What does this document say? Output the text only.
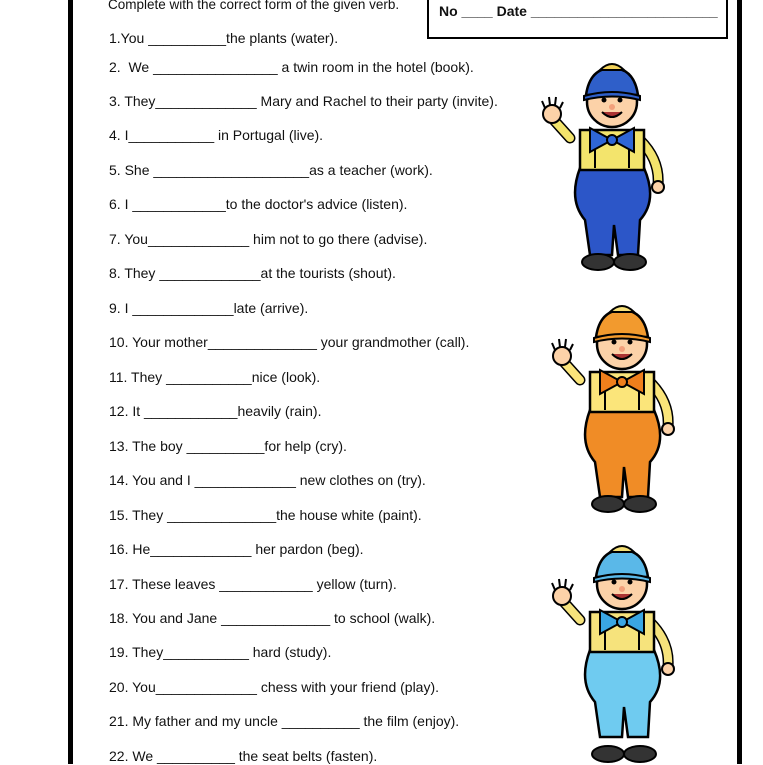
Complete with the correct form of the given verb.	No ____ Date ________________________
1.You __________the plants (water).
2.  We ________________ a twin room in the hotel (book).
3. They_____________ Mary and Rachel to their party (invite).
4. I___________ in Portugal (live).
5. She ____________________as a teacher (work).
6. I ____________to the doctor's advice (listen).
7. You_____________ him not to go there (advise).
8. They _____________at the tourists (shout).
9. I _____________late (arrive).
10. Your mother______________ your grandmother (call).
11. They ___________nice (look).
12. It ____________heavily (rain).
13. The boy __________for help (cry).
14. You and I _____________ new clothes on (try).
15. They ______________the house white (paint).
16. He_____________ her pardon (beg).
17. These leaves ____________ yellow (turn).
18. You and Jane ______________ to school (walk).
19. They___________ hard (study).
20. You_____________ chess with your friend (play).
21. My father and my uncle __________ the film (enjoy).
22. We __________ the seat belts (fasten).
